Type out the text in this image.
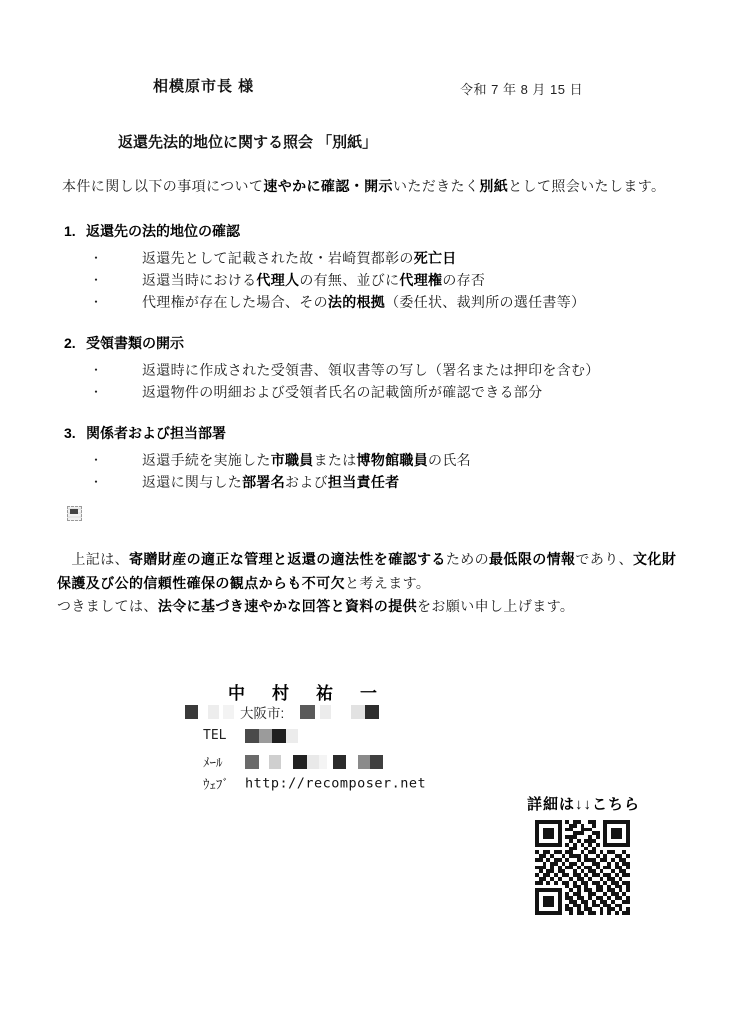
相模原市長 様	令和 7 年 8 月 15 日
返還先法的地位に関する照会 「別紙」
本件に関し以下の事項について速やかに確認・開示いただきたく別紙として照会いたします。
1. 返還先の法的地位の確認
・	返還先として記載された故・岩崎賀都彰の死亡日
・	返還当時における代理人の有無、並びに代理権の存否
・	代理権が存在した場合、その法的根拠（委任状、裁判所の選任書等）
2. 受領書類の開示
・	返還時に作成された受領書、領収書等の写し（署名または押印を含む）
・	返還物件の明細および受領者氏名の記載箇所が確認できる部分
3. 関係者および担当部署
・	返還手続を実施した市職員または博物館職員の氏名
・	返還に関与した部署名および担当責任者
　上記は、寄贈財産の適正な管理と返還の適法性を確認するための最低限の情報であり、文化財
保護及び公的信頼性確保の観点からも不可欠と考えます。
つきましては、法令に基づき速やかな回答と資料の提供をお願い申し上げます。
中　村　祐　一
大阪市:
TEL
ﾒｰﾙ
ｳｪﾌﾞ http://recomposer.net
詳細は↓↓こちら
